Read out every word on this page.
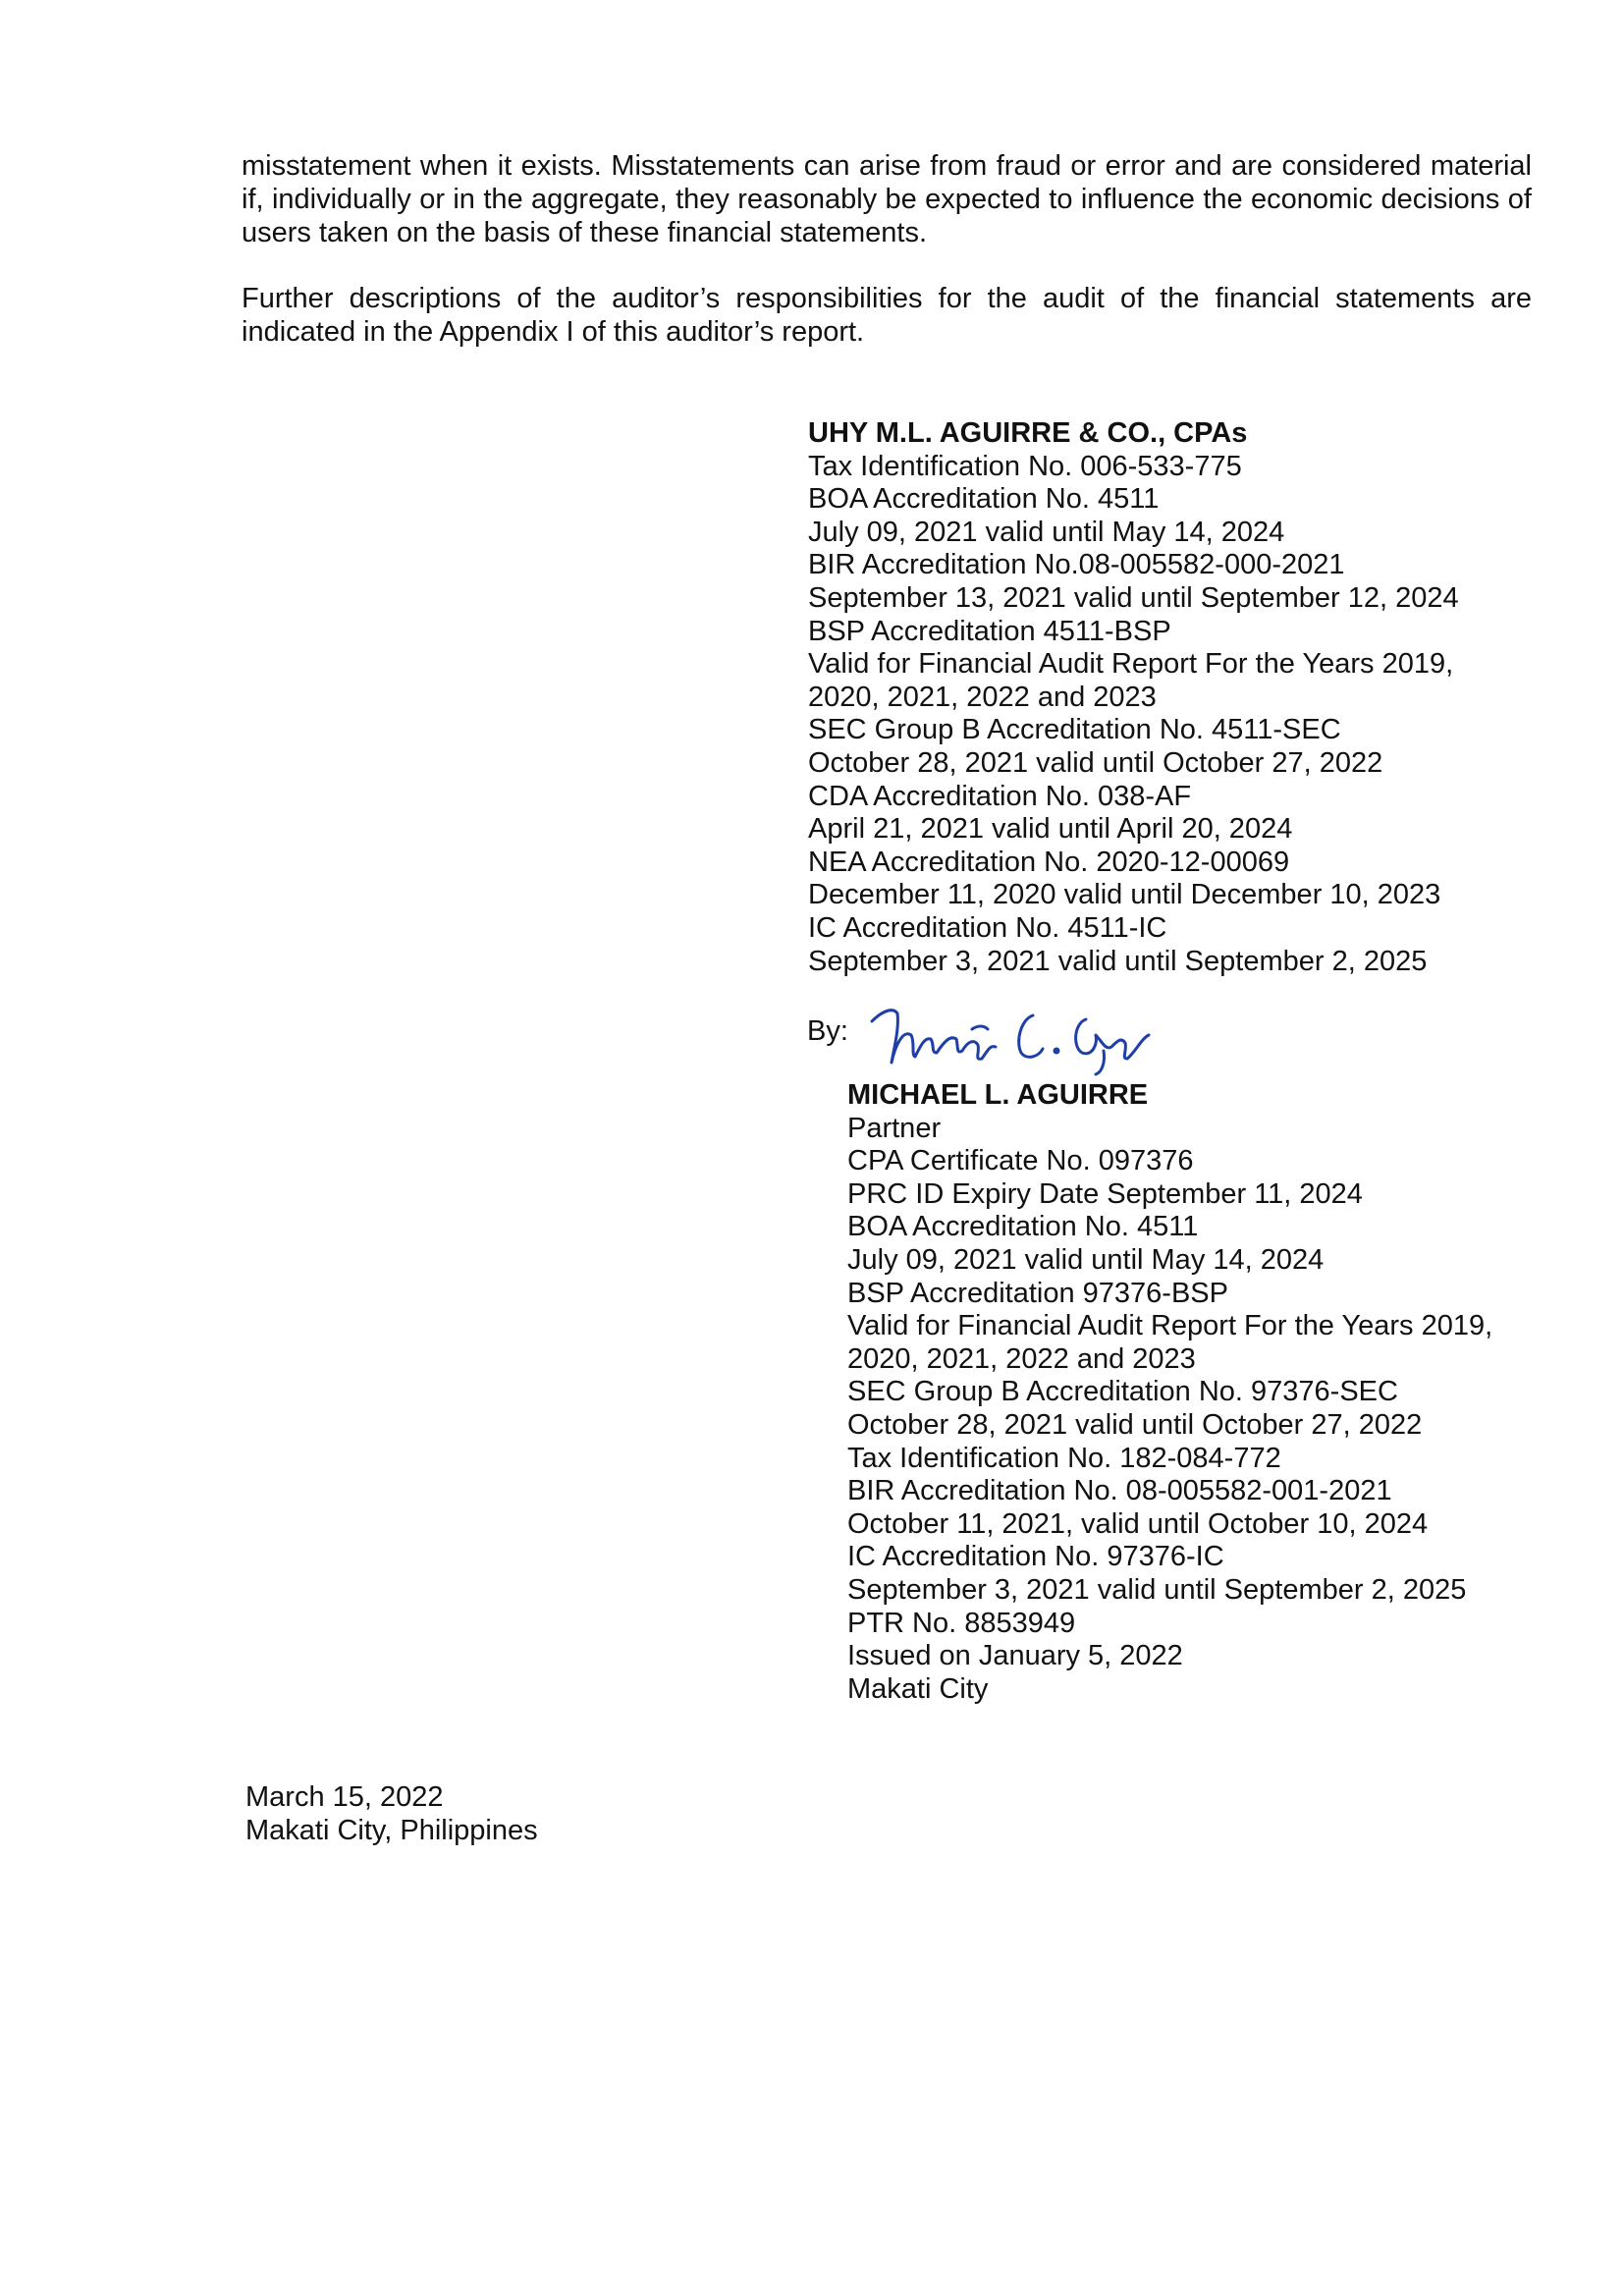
misstatement when it exists. Misstatements can arise from fraud or error and are considered material if, individually or in the aggregate, they reasonably be expected to influence the economic decisions of users taken on the basis of these financial statements.

Further descriptions of the auditor’s responsibilities for the audit of the financial statements are indicated in the Appendix I of this auditor’s report.

UHY M.L. AGUIRRE & CO., CPAs
Tax Identification No. 006-533-775
BOA Accreditation No. 4511
July 09, 2021 valid until May 14, 2024
BIR Accreditation No.08-005582-000-2021
September 13, 2021 valid until September 12, 2024
BSP Accreditation 4511-BSP
Valid for Financial Audit Report For the Years 2019,
2020, 2021, 2022 and 2023
SEC Group B Accreditation No. 4511-SEC
October 28, 2021 valid until October 27, 2022
CDA Accreditation No. 038-AF
April 21, 2021 valid until April 20, 2024
NEA Accreditation No. 2020-12-00069
December 11, 2020 valid until December 10, 2023
IC Accreditation No. 4511-IC
September 3, 2021 valid until September 2, 2025
By:
MICHAEL L. AGUIRRE
Partner
CPA Certificate No. 097376
PRC ID Expiry Date September 11, 2024
BOA Accreditation No. 4511
July 09, 2021 valid until May 14, 2024
BSP Accreditation 97376-BSP
Valid for Financial Audit Report For the Years 2019,
2020, 2021, 2022 and 2023
SEC Group B Accreditation No. 97376-SEC
October 28, 2021 valid until October 27, 2022
Tax Identification No. 182-084-772
BIR Accreditation No. 08-005582-001-2021
October 11, 2021, valid until October 10, 2024
IC Accreditation No. 97376-IC
September 3, 2021 valid until September 2, 2025
PTR No. 8853949
Issued on January 5, 2022
Makati City
March 15, 2022
Makati City, Philippines
